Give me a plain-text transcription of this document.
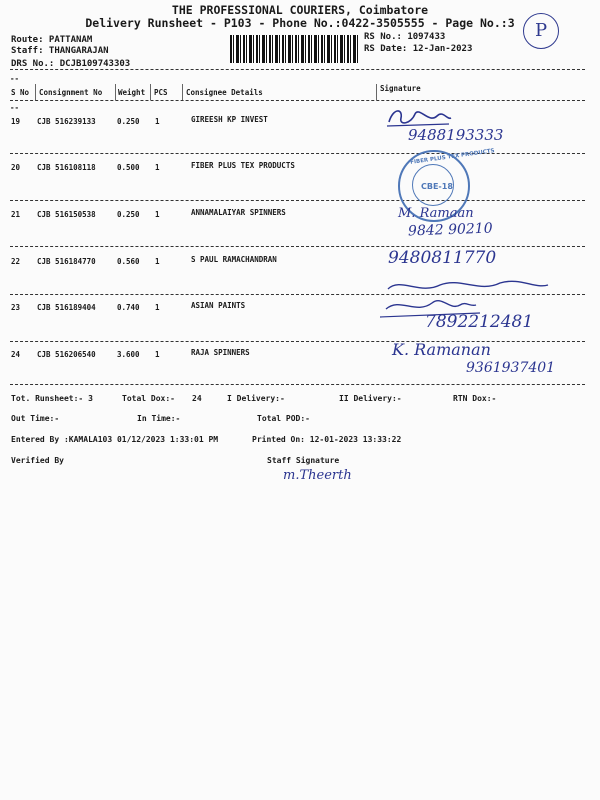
THE PROFESSIONAL COURIERS, Coimbatore
Delivery Runsheet - P103 - Phone No.:0422-3505555 - Page No.:3	P
Route: PATTANAM
Staff: THANGARAJAN
DRS No.: DCJB109743303
RS No.: 1097433
RS Date: 12-Jan-2023
--
--
S No Consignment No Weight PCS Consignee Details	Signature
19 CJB 516239133	0.250 1	GIREESH KP INVEST
20 CJB 516108118	0.500 1	FIBER PLUS TEX PRODUCTS
21 CJB 516150538	0.250 1	ANNAMALAIYAR SPINNERS
22 CJB 516184770	0.560 1	S PAUL RAMACHANDRAN
23 CJB 516189404	0.740 1	ASIAN PAINTS
24 CJB 516206540	3.600 1	RAJA SPINNERS
9488193333
FIBER PLUS TEX PRODUCTS
CBE-18
M. Ramaan
9842 90210
9480811770
7892212481
K. Ramanan
9361937401
Tot. Runsheet:- 3	Total Dox:- 24	I Delivery:-	II Delivery:-	RTN Dox:-
Out Time:-	In Time:-	Total POD:-
Entered By :KAMALA103 01/12/2023 1:33:01 PM	Printed On: 12-01-2023 13:33:22
Verified By	Staff Signature
m.Theerth
